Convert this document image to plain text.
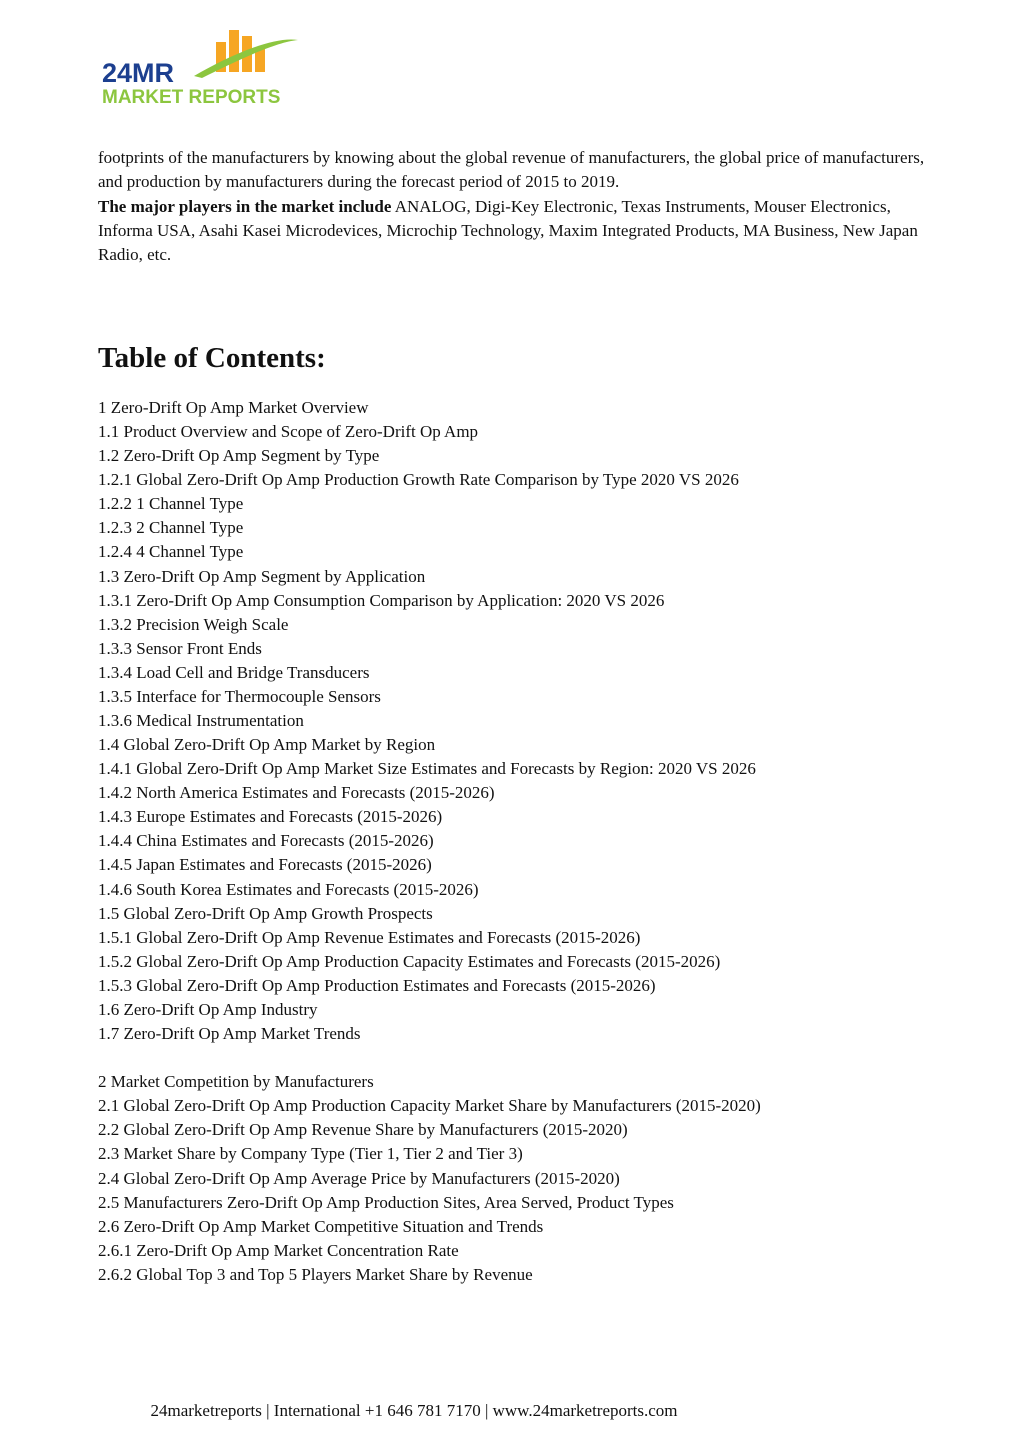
24MR
MARKET REPORTS

footprints of the manufacturers by knowing about the global revenue of manufacturers, the global price of manufacturers, and production by manufacturers during the forecast period of 2015 to 2019.

The major players in the market include ANALOG, Digi-Key Electronic, Texas Instruments, Mouser Electronics, Informa USA, Asahi Kasei Microdevices, Microchip Technology, Maxim Integrated Products, MA Business, New Japan Radio, etc.

Table of Contents:
1 Zero-Drift Op Amp Market Overview
1.1 Product Overview and Scope of Zero-Drift Op Amp
1.2 Zero-Drift Op Amp Segment by Type
1.2.1 Global Zero-Drift Op Amp Production Growth Rate Comparison by Type 2020 VS 2026
1.2.2 1 Channel Type
1.2.3 2 Channel Type
1.2.4 4 Channel Type
1.3 Zero-Drift Op Amp Segment by Application
1.3.1 Zero-Drift Op Amp Consumption Comparison by Application: 2020 VS 2026
1.3.2 Precision Weigh Scale
1.3.3 Sensor Front Ends
1.3.4 Load Cell and Bridge Transducers
1.3.5 Interface for Thermocouple Sensors
1.3.6 Medical Instrumentation
1.4 Global Zero-Drift Op Amp Market by Region
1.4.1 Global Zero-Drift Op Amp Market Size Estimates and Forecasts by Region: 2020 VS 2026
1.4.2 North America Estimates and Forecasts (2015-2026)
1.4.3 Europe Estimates and Forecasts (2015-2026)
1.4.4 China Estimates and Forecasts (2015-2026)
1.4.5 Japan Estimates and Forecasts (2015-2026)
1.4.6 South Korea Estimates and Forecasts (2015-2026)
1.5 Global Zero-Drift Op Amp Growth Prospects
1.5.1 Global Zero-Drift Op Amp Revenue Estimates and Forecasts (2015-2026)
1.5.2 Global Zero-Drift Op Amp Production Capacity Estimates and Forecasts (2015-2026)
1.5.3 Global Zero-Drift Op Amp Production Estimates and Forecasts (2015-2026)
1.6 Zero-Drift Op Amp Industry
1.7 Zero-Drift Op Amp Market Trends
2 Market Competition by Manufacturers
2.1 Global Zero-Drift Op Amp Production Capacity Market Share by Manufacturers (2015-2020)
2.2 Global Zero-Drift Op Amp Revenue Share by Manufacturers (2015-2020)
2.3 Market Share by Company Type (Tier 1, Tier 2 and Tier 3)
2.4 Global Zero-Drift Op Amp Average Price by Manufacturers (2015-2020)
2.5 Manufacturers Zero-Drift Op Amp Production Sites, Area Served, Product Types
2.6 Zero-Drift Op Amp Market Competitive Situation and Trends
2.6.1 Zero-Drift Op Amp Market Concentration Rate
2.6.2 Global Top 3 and Top 5 Players Market Share by Revenue
24marketreports | International +1 646 781 7170 | www.24marketreports.com
